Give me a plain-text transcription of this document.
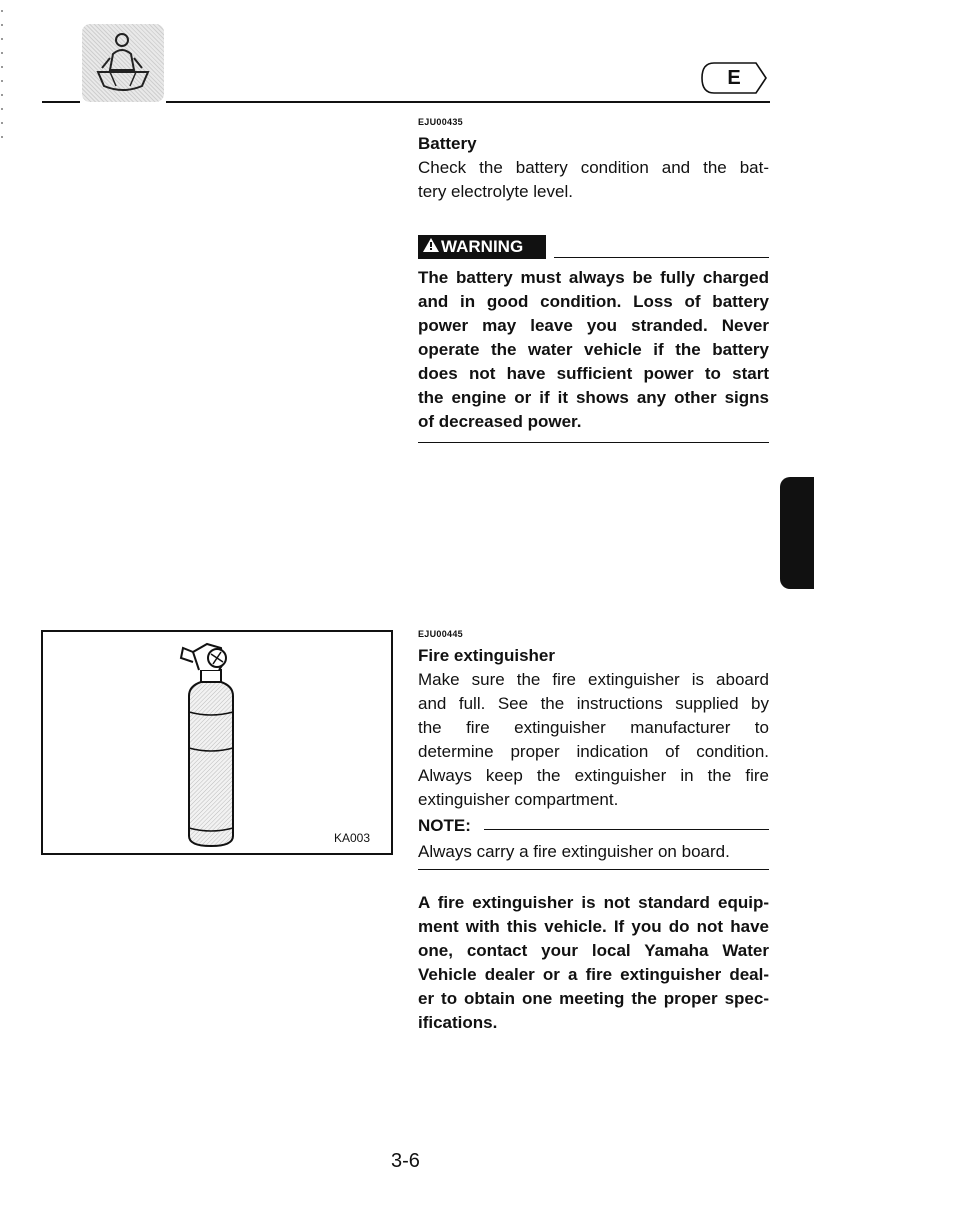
E
EJU00435
Battery
Check the battery condition and the bat-
tery electrolyte level.
WARNING
The battery must always be fully charged
and in good condition. Loss of battery
power may leave you stranded. Never
operate the water vehicle if the battery
does not have sufficient power to start
the engine or if it shows any other signs
of decreased power.
KA003
EJU00445
Fire extinguisher
Make sure the fire extinguisher is aboard
and full. See the instructions supplied by
the fire extinguisher manufacturer to
determine proper indication of condition.
Always keep the extinguisher in the fire
extinguisher compartment.
NOTE:
Always carry a fire extinguisher on board.
A fire extinguisher is not standard equip-
ment with this vehicle. If you do not have
one, contact your local Yamaha Water
Vehicle dealer or a fire extinguisher deal-
er to obtain one meeting the proper spec-
ifications.
3-6
